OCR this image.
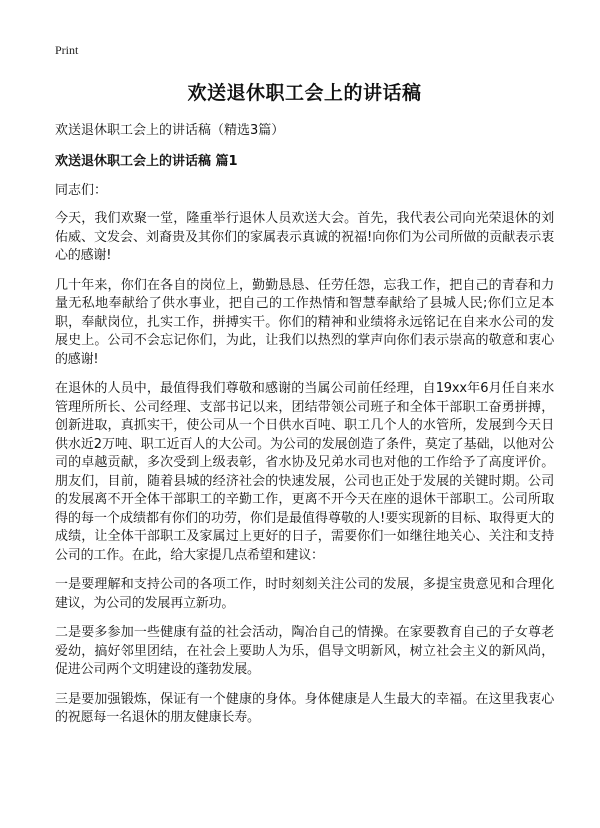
Print
欢送退休职工会上的讲话稿
欢送退休职工会上的讲话稿（精选3篇）
欢送退休职工会上的讲话稿 篇1
同志们：

今天，我们欢聚一堂，隆重举行退休人员欢送大会。首先，我代表公司向光荣退休的刘佑威、文发会、刘裔贵及其你们的家属表示真诚的祝福!向你们为公司所做的贡献表示衷心的感谢!

几十年来，你们在各自的岗位上，勤勤恳恳、任劳任怨，忘我工作，把自己的青春和力量无私地奉献给了供水事业，把自己的工作热情和智慧奉献给了县城人民;你们立足本职，奉献岗位，扎实工作，拼搏实干。你们的精神和业绩将永远铭记在自来水公司的发展史上。公司不会忘记你们，为此，让我们以热烈的掌声向你们表示崇高的敬意和衷心的感谢!

在退休的人员中，最值得我们尊敬和感谢的当属公司前任经理，自19xx年6月任自来水管理所所长、公司经理、支部书记以来，团结带领公司班子和全体干部职工奋勇拼搏，创新进取，真抓实干，使公司从一个日供水百吨、职工几个人的水管所，发展到今天日供水近2万吨、职工近百人的大公司。为公司的发展创造了条件，莫定了基础，以他对公司的卓越贡献，多次受到上级表彰，省水协及兄弟水司也对他的工作给予了高度评价。朋友们，目前，随着县城的经济社会的快速发展，公司也正处于发展的关键时期。公司的发展离不开全体干部职工的辛勤工作，更离不开今天在座的退休干部职工。公司所取得的每一个成绩都有你们的功劳，你们是最值得尊敬的人!要实现新的目标、取得更大的成绩，让全体干部职工及家属过上更好的日子，需要你们一如继往地关心、关注和支持公司的工作。在此，给大家提几点希望和建议：

一是要理解和支持公司的各项工作，时时刻刻关注公司的发展，多提宝贵意见和合理化建议，为公司的发展再立新功。

二是要多参加一些健康有益的社会活动，陶冶自己的情操。在家要教育自己的子女尊老爱幼，搞好邻里团结，在社会上要助人为乐，倡导文明新风，树立社会主义的新风尚，促进公司两个文明建设的蓬勃发展。

三是要加强锻炼，保证有一个健康的身体。身体健康是人生最大的幸福。在这里我衷心的祝愿每一名退休的朋友健康长寿。
